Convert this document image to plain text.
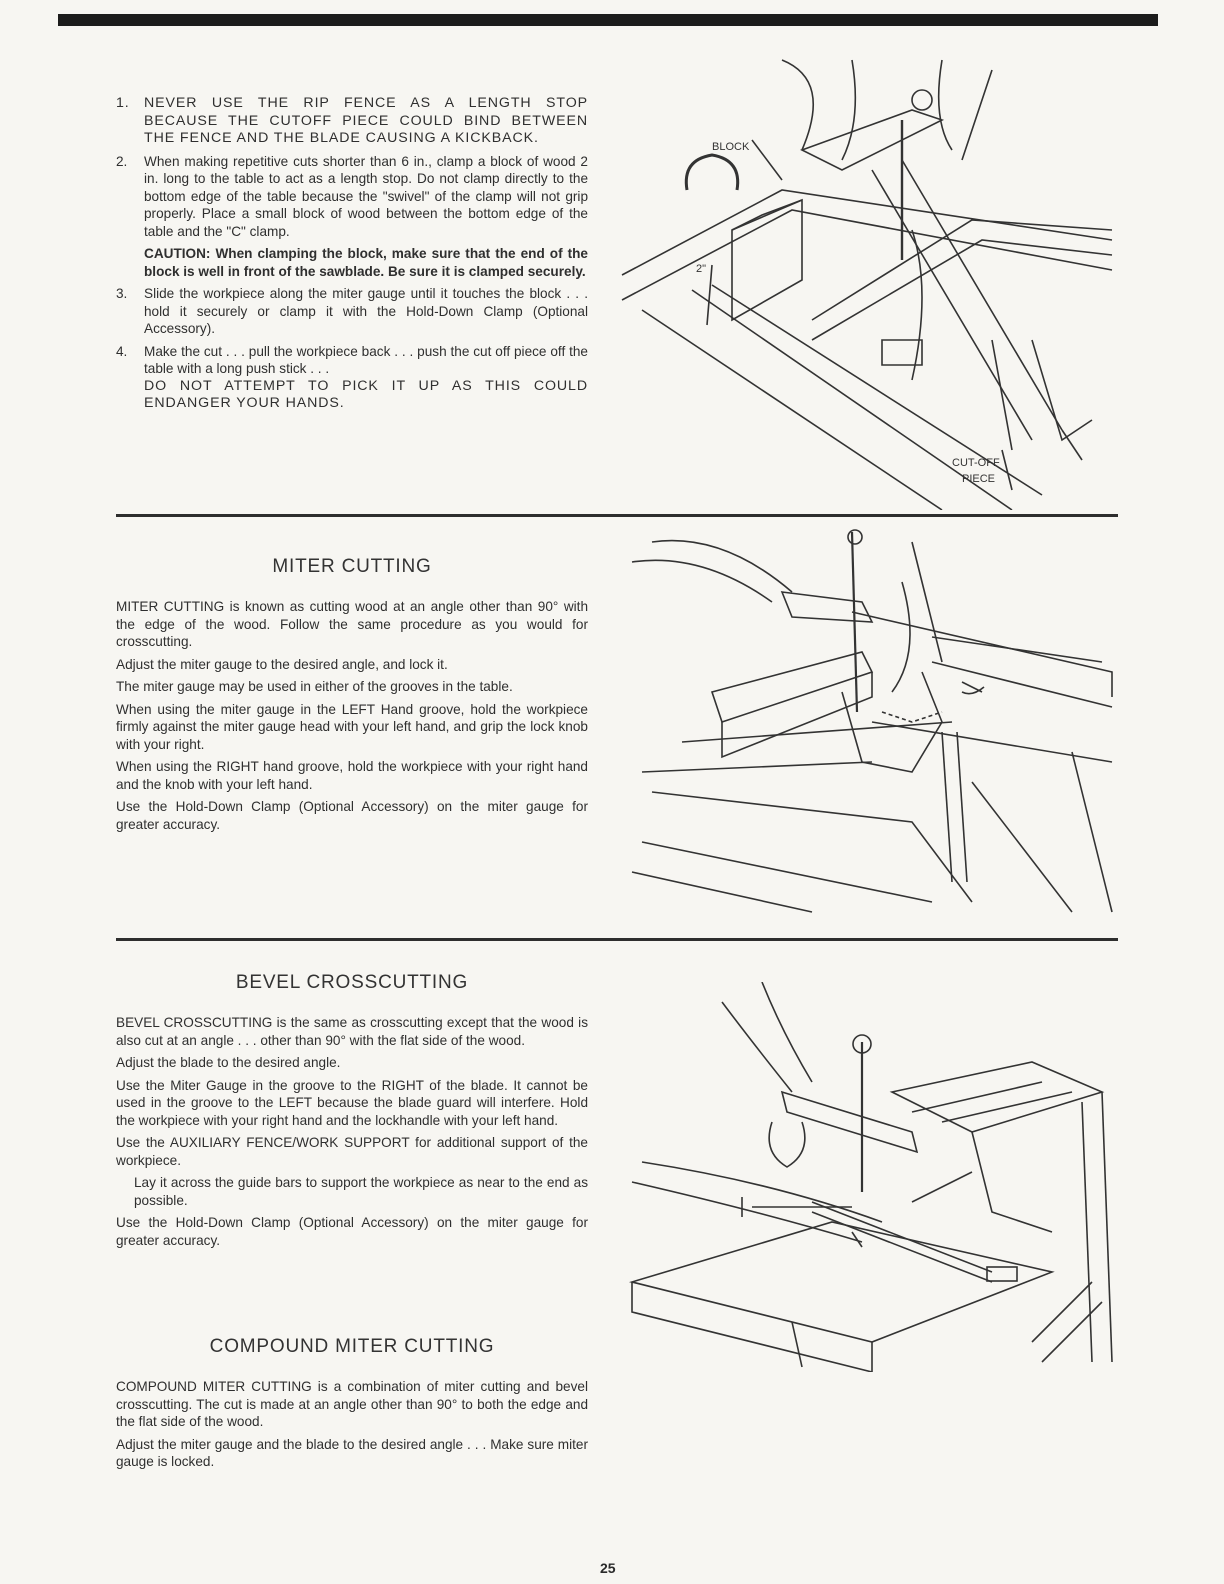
1. NEVER USE THE RIP FENCE AS A LENGTH STOP BECAUSE THE CUTOFF PIECE COULD BIND BETWEEN THE FENCE AND THE BLADE CAUSING A KICKBACK.
2. When making repetitive cuts shorter than 6 in., clamp a block of wood 2 in. long to the table to act as a length stop. Do not clamp directly to the bottom edge of the table because the "swivel" of the clamp will not grip properly. Place a small block of wood between the bottom edge of the table and the "C" clamp.
CAUTION: When clamping the block, make sure that the end of the block is well in front of the sawblade. Be sure it is clamped securely.
3. Slide the workpiece along the miter gauge until it touches the block . . . hold it securely or clamp it with the Hold-Down Clamp (Optional Accessory).
4. Make the cut . . . pull the workpiece back . . . push the cut off piece off the table with a long push stick . . .
DO NOT ATTEMPT TO PICK IT UP AS THIS COULD ENDANGER YOUR HANDS.
BLOCK
2"
CUT-OFF
PIECE
MITER CUTTING

MITER CUTTING is known as cutting wood at an angle other than 90° with the edge of the wood. Follow the same procedure as you would for crosscutting.

Adjust the miter gauge to the desired angle, and lock it.

The miter gauge may be used in either of the grooves in the table.

When using the miter gauge in the LEFT Hand groove, hold the workpiece firmly against the miter gauge head with your left hand, and grip the lock knob with your right.

When using the RIGHT hand groove, hold the workpiece with your right hand and the knob with your left hand.

Use the Hold-Down Clamp (Optional Accessory) on the miter gauge for greater accuracy.

BEVEL CROSSCUTTING

BEVEL CROSSCUTTING is the same as crosscutting except that the wood is also cut at an angle . . . other than 90° with the flat side of the wood.

Adjust the blade to the desired angle.

Use the Miter Gauge in the groove to the RIGHT of the blade. It cannot be used in the groove to the LEFT because the blade guard will interfere. Hold the workpiece with your right hand and the lockhandle with your left hand.

Use the AUXILIARY FENCE/WORK SUPPORT for additional support of the workpiece.

Lay it across the guide bars to support the workpiece as near to the end as possible.

Use the Hold-Down Clamp (Optional Accessory) on the miter gauge for greater accuracy.

COMPOUND MITER CUTTING

COMPOUND MITER CUTTING is a combination of miter cutting and bevel crosscutting. The cut is made at an angle other than 90° to both the edge and the flat side of the wood.

Adjust the miter gauge and the blade to the desired angle . . . Make sure miter gauge is locked.

25
